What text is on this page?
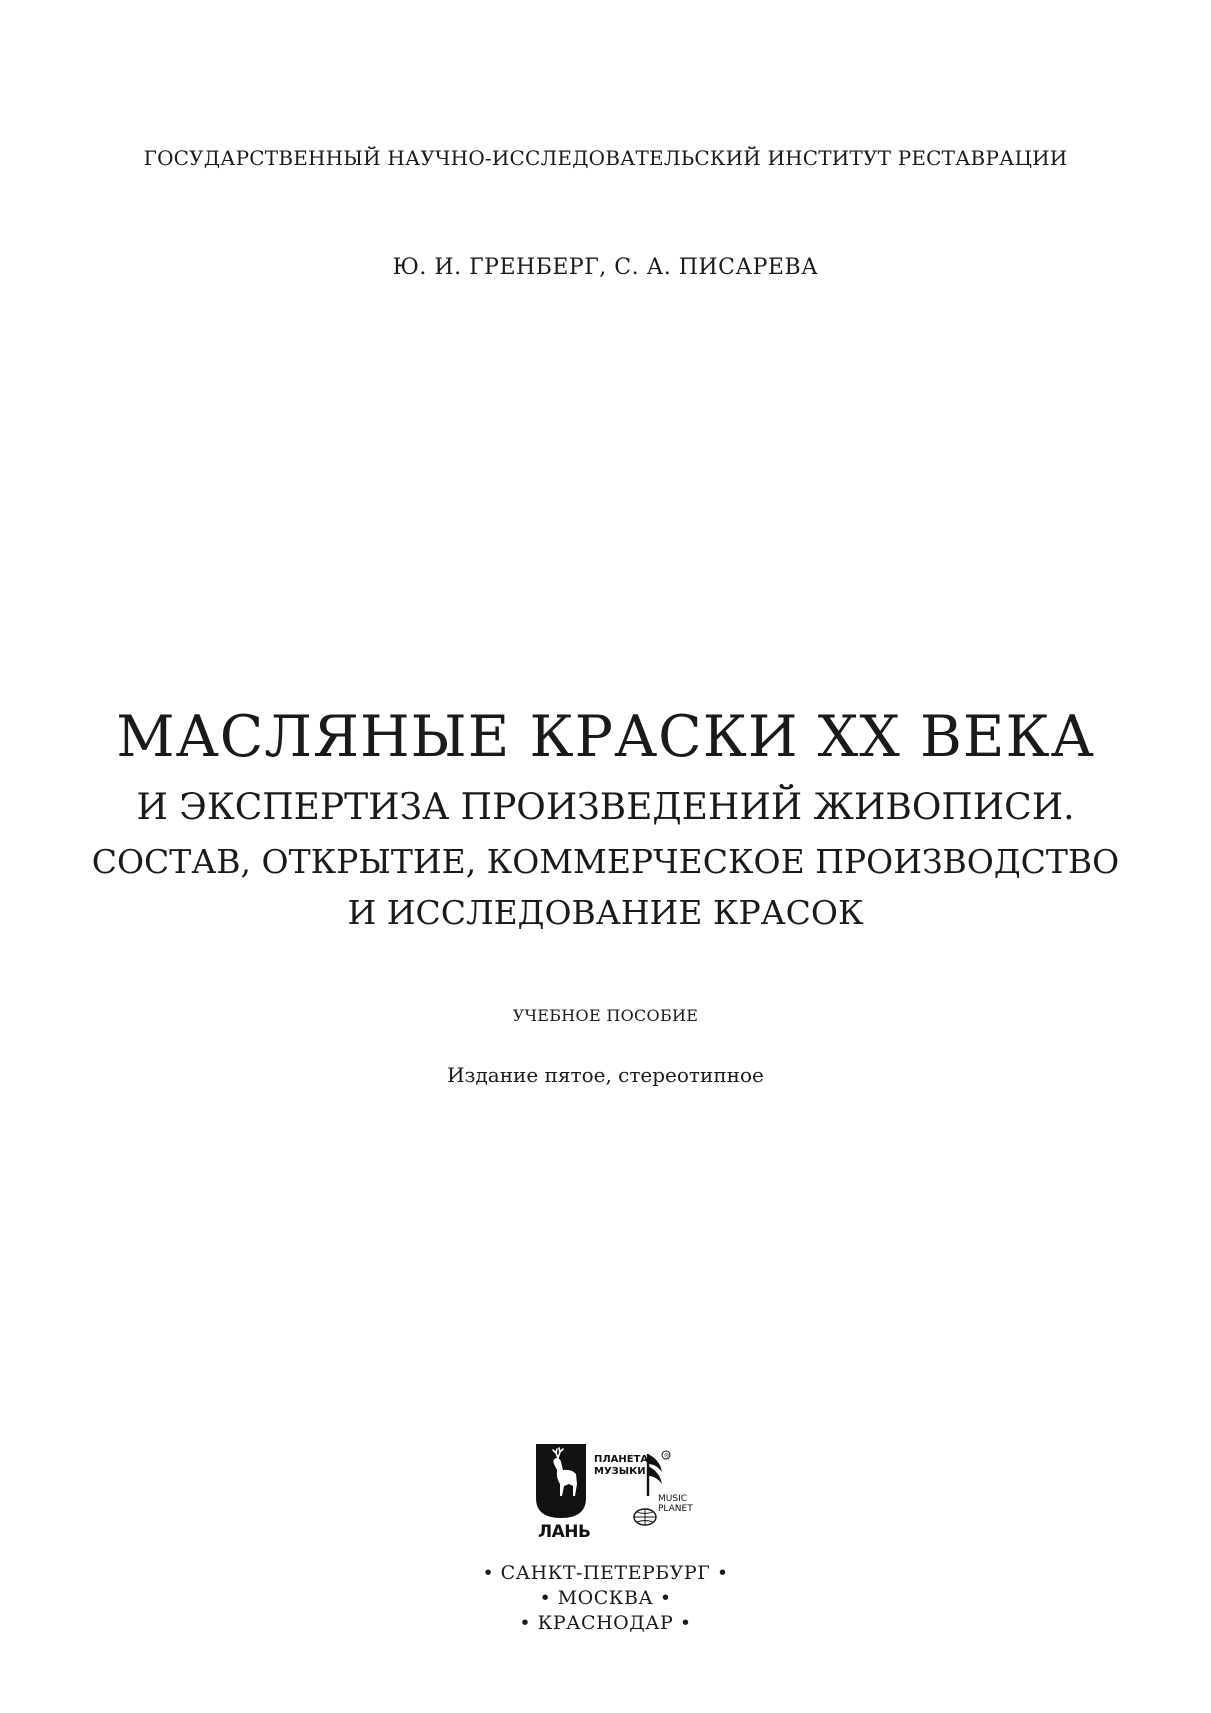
ГОСУДАРСТВЕННЫЙ НАУЧНО-ИССЛЕДОВАТЕЛЬСКИЙ ИНСТИТУТ РЕСТАВРАЦИИ
Ю. И. ГРЕНБЕРГ, С. А. ПИСАРЕВА
МАСЛЯНЫЕ КРАСКИ ХХ ВЕКА
И ЭКСПЕРТИЗА ПРОИЗВЕДЕНИЙ ЖИВОПИСИ.
СОСТАВ, ОТКРЫТИЕ, КОММЕРЧЕСКОЕ ПРОИЗВОДСТВО
И ИССЛЕДОВАНИЕ КРАСОК
УЧЕБНОЕ ПОСОБИЕ
Издание пятое, стереотипное
ЛАНЬ
ПЛАНЕТА
МУЗЫКИ
®
MUSIC
PLANET
• САНКТ-ПЕТЕРБУРГ •
• МОСКВА •
• КРАСНОДАР •
